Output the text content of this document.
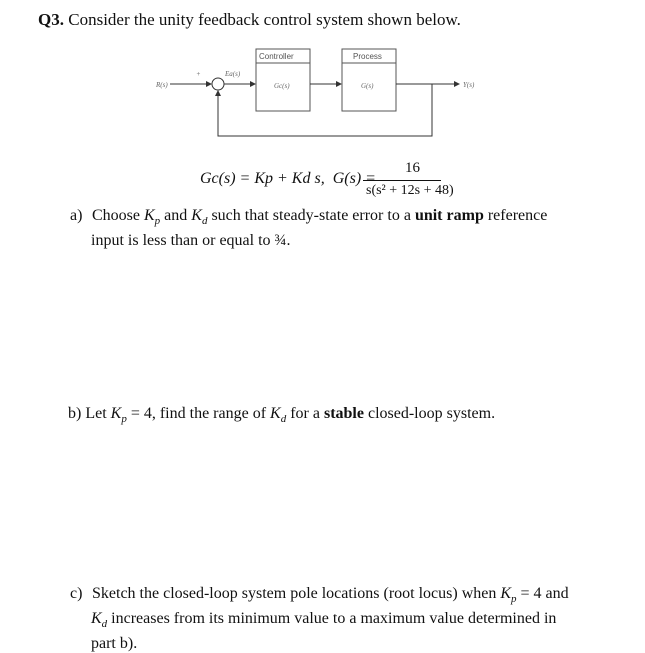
Q3. Consider the unity feedback control system shown below.
R(s)
+	Ea(s)
Controller
Gc(s)
Process
G(s)	Y(s)
16
Gc(s) = Kp + Kd s, G(s) =
s(s² + 12s + 48)
a) Choose $K_p$ and $K_d$ such that steady-state error to a unit ramp reference
input is less than or equal to ¾.
b) Let $K_p = 4$, find the range of $K_d$ for a stable closed-loop system.
c) Sketch the closed-loop system pole locations (root locus) when $K_p = 4$ and
$K_d$ increases from its minimum value to a maximum value determined in
part b).
